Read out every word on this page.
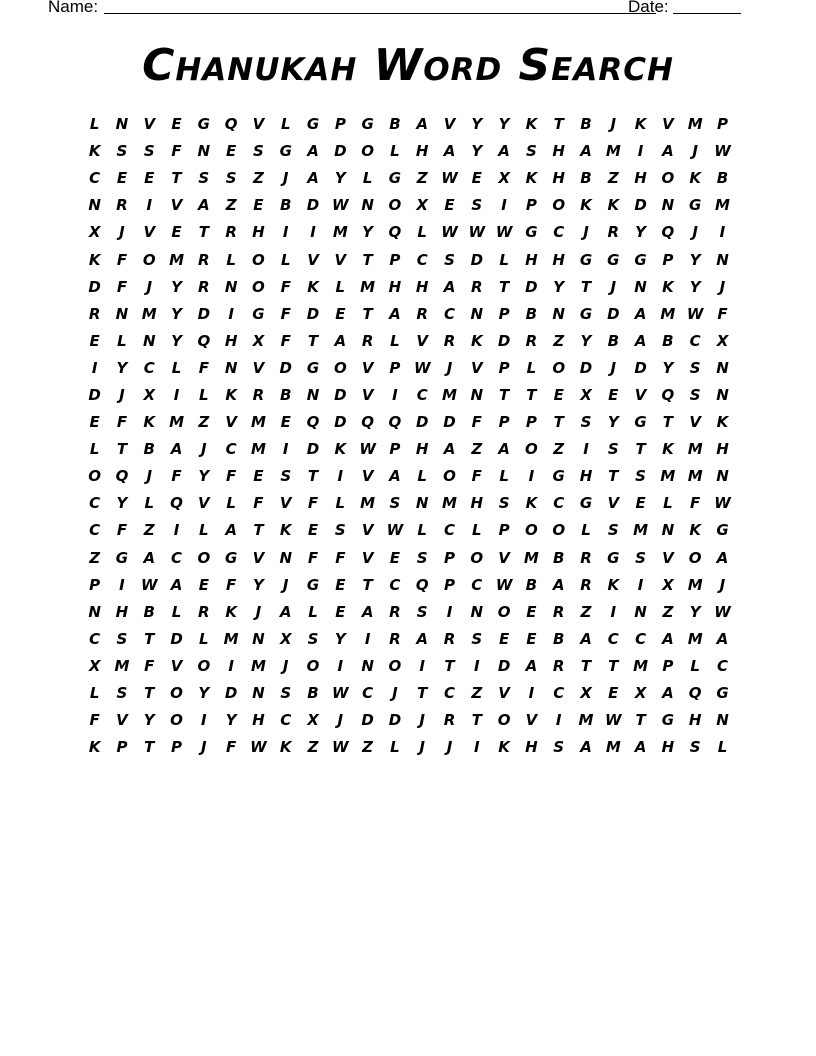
Name:	Date:
Chanukah Word Search
L	N	V	E	G Q	V	L	G	P	G	B	A	V	Y	Y	K	T	B	J	K	V M P
K	S	S	F	N	E	S	G	A	D O	L	H	A	Y	A	S	H	A M	I	A	J	W
C	E	E	T	S	S	Z	J	A	Y	L	G	Z W E	X	K	H	B	Z	H O	K	B
N	R	I	V	A	Z	E	B	D W N O	X	E	S	I	P	O	K	K	D N G M
X	J	V	E	T	R	H	I	I	M Y	Q	L W W W G	C	J	R	Y	Q	J	I
K	F	O M R	L	O	L	V	V	T	P	C	S	D	L	H H G G G	P	Y	N
D	F	J	Y	R	N O	F	K	L	M H H	A	R	T	D	Y	T	J	N	K	Y	J
R	N M Y	D	I	G	F	D	E	T	A	R	C	N	P	B	N G D	A M W F
E	L	N	Y	Q H	X	F	T	A	R	L	V	R	K	D	R	Z	Y	B	A	B	C	X
I	Y	C	L	F	N	V	D G O	V	P W	J	V	P	L	O D	J	D	Y	S	N
D	J	X	I	L	K	R	B	N D	V	I	C M N	T	T	E	X	E	V	Q	S	N
E	F	K M Z	V M E	Q D Q Q D D	F	P	P	T	S	Y	G	T	V	K
L	T	B	A	J	C M	I	D	K W P	H	A	Z	A	O	Z	I	S	T	K M H
O Q	J	F	Y	F	E	S	T	I	V	A	L	O	F	L	I	G H	T	S M M N
C	Y	L	Q	V	L	F	V	F	L	M S	N M H	S	K	C	G	V	E	L	F W
C	F	Z	I	L	A	T	K	E	S	V W L	C	L	P	O O	L	S M N	K	G
Z	G	A	C	O G	V	N	F	F	V	E	S	P	O	V M B	R	G	S	V	O	A
P	I	W A	E	F	Y	J	G	E	T	C	Q	P	C W B	A	R	K	I	X M	J
N H	B	L	R	K	J	A	L	E	A	R	S	I	N O	E	R	Z	I	N	Z	Y W
C	S	T	D	L	M N	X	S	Y	I	R	A	R	S	E	E	B	A	C	C	A M A
X M F	V	O	I	M	J	O	I	N O	I	T	I	D	A	R	T	T M P	L	C
L	S	T	O	Y	D N	S	B W C	J	T	C	Z	V	I	C	X	E	X	A	Q G
F	V	Y	O	I	Y	H	C	X	J	D D	J	R	T	O	V	I	M W T	G H N
K	P	T	P	J	F W K	Z W Z	L	J	J	I	K	H	S	A M A	H	S	L
